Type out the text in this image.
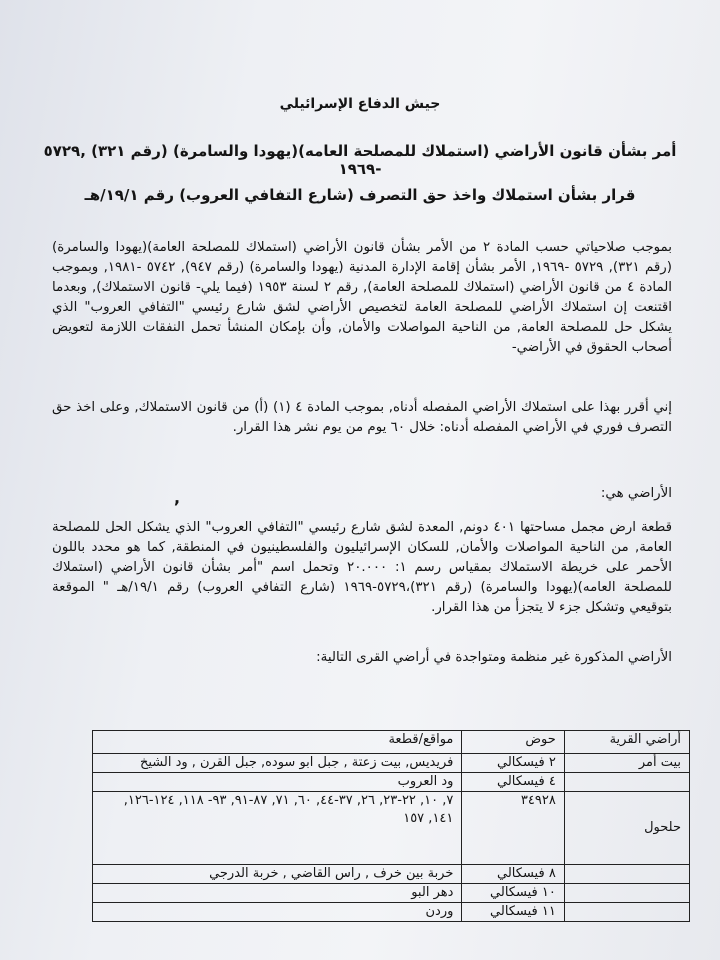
جيش الدفاع الإسرائيلي
أمر بشأن قانون الأراضي (استملاك للمصلحة العامه)(يهودا والسامرة) (رقم ٣٢١) ,٥٧٢٩ -١٩٦٩
قرار بشأن استملاك واخذ حق التصرف (شارع التفافي العروب) رقم ١٩/١/هـ
بموجب صلاحياتي حسب المادة ٢ من الأمر بشأن قانون الأراضي (استملاك للمصلحة العامة)(يهودا والسامرة) (رقم ٣٢١), ٥٧٢٩ -١٩٦٩, الأمر بشأن إقامة الإدارة المدنية (يهودا والسامرة) (رقم ٩٤٧), ٥٧٤٢ -١٩٨١, وبموجب المادة ٤ من قانون الأراضي (استملاك للمصلحة العامة), رقم ٢ لسنة ١٩٥٣ (فيما يلي- قانون الاستملاك), وبعدما اقتنعت إن استملاك الأراضي للمصلحة العامة لتخصيص الأراضي لشق شارع رئيسي "التفافي العروب" الذي يشكل حل للمصلحة العامة, من الناحية المواصلات والأمان, وأن بإمكان المنشأ تحمل النفقات اللازمة لتعويض أصحاب الحقوق في الأراضي-
إني أقرر بهذا على استملاك الأراضي المفصله أدناه, بموجب المادة ٤ (١) (أ) من قانون الاستملاك, وعلى اخذ حق التصرف فوري في الأراضي المفصله أدناه: خلال ٦٠ يوم من يوم نشر هذا القرار.
,	الأراضي هي:
قطعة ارض مجمل مساحتها ٤٠١ دونم, المعدة لشق شارع رئيسي "التفافي العروب" الذي يشكل الحل للمصلحة العامة, من الناحية المواصلات والأمان, للسكان الإسرائيليون والفلسطينيون في المنطقة, كما هو محدد باللون الأحمر على خريطة الاستملاك بمقياس رسم ١: ٢٠.٠٠٠ وتحمل اسم "أمر بشأن قانون الأراضي (استملاك للمصلحة العامه)(يهودا والسامرة) (رقم ٣٢١)،٥٧٢٩-١٩٦٩ (شارع التفافي العروب) رقم ١٩/١/هـ " الموقعة بتوقيعي وتشكل جزء لا يتجزأ من هذا القرار.
الأراضي المذكورة غير منظمة ومتواجدة في أراضي القرى التالية:
أراضي القرية	حوض	مواقع/قطعة
بيت أمر	٢ فيسكالي	فريديس, بيت زعتة , جبل ابو سوده, جبل القرن , ود الشيخ
	٤ فيسكالي	ود العروب
حلحول	٣٤٩٢٨	٧, ١٠, ٢٢-٢٣, ٢٦, ٣٧-٤٤, ٦٠, ٧١, ٨٧-٩١, ٩٣- ١١٨, ١٢٤-١٢٦, ١٤١, ١٥٧
	٨ فيسكالي	خربة بين خرف , راس القاضي , خربة الدرجي
	١٠ فيسكالي	دهر البو
	١١ فيسكالي	وردن
